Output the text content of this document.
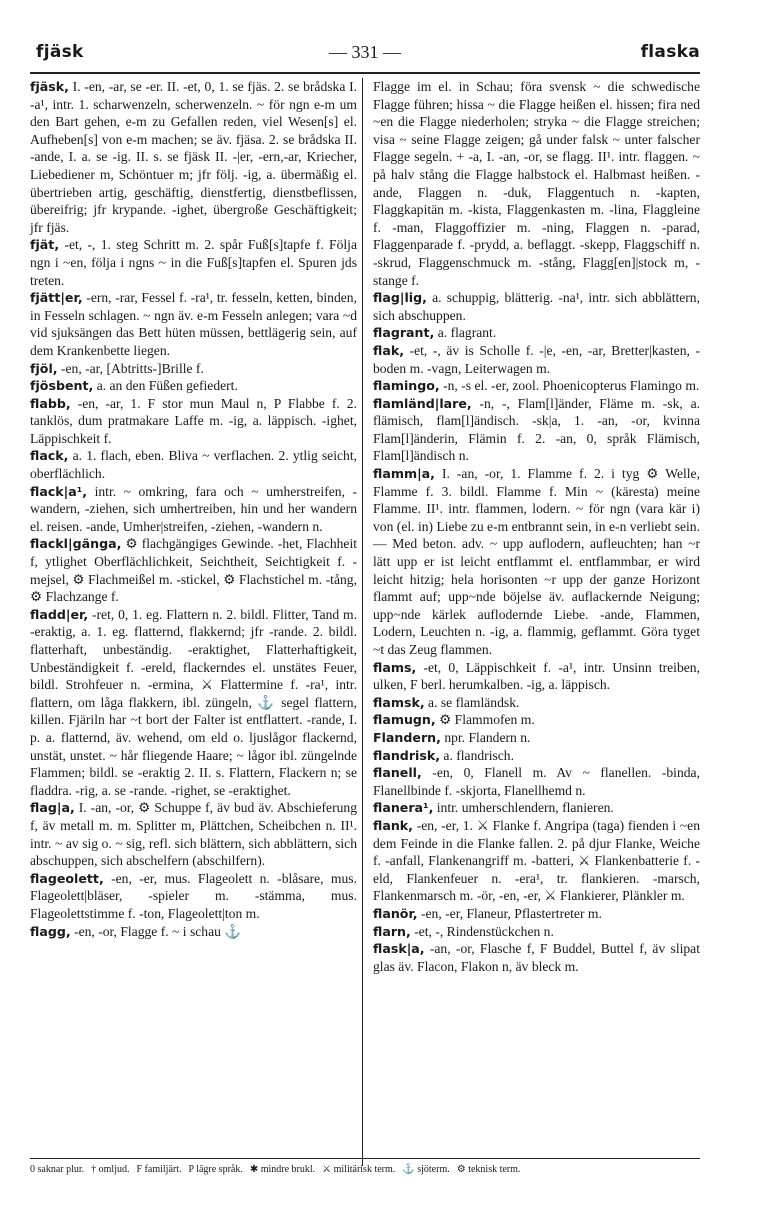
fjäsk	— 331 —	flaska

fjäsk, I. -en, -ar, se -er. II. -et, 0, 1. se fjäs. 2. se brådska I. -a¹, intr. 1. scharwenzeln, scherwenzeln. ~ för ngn e-m um den Bart gehen, e-m zu Gefallen reden, viel Wesen[s] el. Aufheben[s] von e-m machen; se äv. fjäsa. 2. se brådska II. -ande, I. a. se -ig. II. s. se fjäsk II. -|er, -ern,-ar, Kriecher, Liebediener m, Schöntuer m; jfr följ. -ig, a. übermäßig el. übertrieben artig, geschäftig, dienstfertig, dienstbeflissen, übereifrig; jfr krypande. -ighet, übergroße Geschäftigkeit; jfr fjäs.

fjät, -et, -, 1. steg Schritt m. 2. spår Fuß[s]tapfe f. Följa ngn i ~en, följa i ngns ~ in die Fuß[s]tapfen el. Spuren jds treten.

fjätt|er, -ern, -rar, Fessel f. -ra¹, tr. fesseln, ketten, binden, in Fesseln schlagen. ~ ngn äv. e-m Fesseln anlegen; vara ~d vid sjuksängen das Bett hüten müssen, bettlägerig sein, auf dem Krankenbette liegen.

fjöl, -en, -ar, [Abtritts-]Brille f.

fjösbent, a. an den Füßen gefiedert.

flabb, -en, -ar, 1. F stor mun Maul n, P Flabbe f. 2. tanklös, dum pratmakare Laffe m. -ig, a. läppisch. -ighet, Läppischkeit f.

flack, a. 1. flach, eben. Bliva ~ verflachen. 2. ytlig seicht, oberflächlich.

flack|a¹, intr. ~ omkring, fara och ~ umherstreifen, -wandern, -ziehen, sich umhertreiben, hin und her wandern el. reisen. -ande, Umher|streifen, -ziehen, -wandern n.

flackl|gänga, ⚙ flachgängiges Gewinde. -het, Flachheit f, ytlighet Oberflächlichkeit, Seichtheit, Seichtigkeit f. -mejsel, ⚙ Flachmeißel m. -stickel, ⚙ Flachstichel m. -tång, ⚙ Flachzange f.

fladd|er, -ret, 0, 1. eg. Flattern n. 2. bildl. Flitter, Tand m. -eraktig, a. 1. eg. flatternd, flakkernd; jfr -rande. 2. bildl. flatterhaft, unbeständig. -eraktighet, Flatterhaftigkeit, Unbeständigkeit f. -ereld, flackerndes el. unstätes Feuer, bildl. Strohfeuer n. -ermina, ⚔ Flattermine f. -ra¹, intr. flattern, om låga flakkern, ibl. züngeln, ⚓ segel flattern, killen. Fjäriln har ~t bort der Falter ist entflattert. -rande, I. p. a. flatternd, äv. wehend, om eld o. ljuslågor flackernd, unstät, unstet. ~ hår fliegende Haare; ~ lågor ibl. züngelnde Flammen; bildl. se -eraktig 2. II. s. Flattern, Flackern n; se fladdra. -rig, a. se -rande. -righet, se -eraktighet.

flag|a, I. -an, -or, ⚙ Schuppe f, äv bud äv. Abschieferung f, äv metall m. m. Splitter m, Plättchen, Scheibchen n. II¹. intr. ~ av sig o. ~ sig, refl. sich blättern, sich abblättern, sich abschuppen, sich abschelfern (abschilfern).

flageolett, -en, -er, mus. Flageolett n. -blåsare, mus. Flageolett|bläser, -spieler m. -stämma, mus. Flageolettstimme f. -ton, Flageolett|ton m.

flagg, -en, -or, Flagge f. ~ i schau ⚓

Flagge im el. in Schau; föra svensk ~ die schwedische Flagge führen; hissa ~ die Flagge heißen el. hissen; fira ned ~en die Flagge niederholen; stryka ~ die Flagge streichen; visa ~ seine Flagge zeigen; gå under falsk ~ unter falscher Flagge segeln. + -a, I. -an, -or, se flagg. II¹. intr. flaggen. ~ på halv stång die Flagge halbstock el. Halbmast heißen. -ande, Flaggen n. -duk, Flaggentuch n. -kapten, Flaggkapitän m. -kista, Flaggenkasten m. -lina, Flaggleine f. -man, Flaggoffizier m. -ning, Flaggen n. -parad, Flaggenparade f. -prydd, a. beflaggt. -skepp, Flaggschiff n. -skrud, Flaggenschmuck m. -stång, Flagg[en]|stock m, -stange f.

flag|lig, a. schuppig, blätterig. -na¹, intr. sich abblättern, sich abschuppen.

flagrant, a. flagrant.

flak, -et, -, äv is Scholle f. -|e, -en, -ar, Bretter|kasten, -boden m. -vagn, Leiterwagen m.

flamingo, -n, -s el. -er, zool. Phoenicopterus Flamingo m.

flamländ|lare, -n, -, Flam[l]änder, Fläme m. -sk, a. flämisch, flam[l]ändisch. -sk|a, 1. -an, -or, kvinna Flam[l]änderin, Flämin f. 2. -an, 0, språk Flämisch, Flam[l]ändisch n.

flamm|a, I. -an, -or, 1. Flamme f. 2. i tyg ⚙ Welle, Flamme f. 3. bildl. Flamme f. Min ~ (käresta) meine Flamme. II¹. intr. flammen, lodern. ~ för ngn (vara kär i) von (el. in) Liebe zu e-m entbrannt sein, in e-n verliebt sein. — Med beton. adv. ~ upp auflodern, aufleuchten; han ~r lätt upp er ist leicht entflammt el. entflammbar, er wird leicht hitzig; hela horisonten ~r upp der ganze Horizont flammt auf; upp~nde böjelse äv. auflackernde Neigung; upp~nde kärlek auflodernde Liebe. -ande, Flammen, Lodern, Leuchten n. -ig, a. flammig, geflammt. Göra tyget ~t das Zeug flammen.

flams, -et, 0, Läppischkeit f. -a¹, intr. Unsinn treiben, ulken, F berl. herumkalben. -ig, a. läppisch.

flamsk, a. se flamländsk.

flamugn, ⚙ Flammofen m.

Flandern, npr. Flandern n.

flandrisk, a. flandrisch.

flanell, -en, 0, Flanell m. Av ~ flanellen. -binda, Flanellbinde f. -skjorta, Flanellhemd n.

flanera¹, intr. umherschlendern, flanieren.

flank, -en, -er, 1. ⚔ Flanke f. Angripa (taga) fienden i ~en dem Feinde in die Flanke fallen. 2. på djur Flanke, Weiche f. -anfall, Flankenangriff m. -batteri, ⚔ Flankenbatterie f. -eld, Flankenfeuer n. -era¹, tr. flankieren. -marsch, Flankenmarsch m. -ör, -en, -er, ⚔ Flankierer, Plänkler m.

flanör, -en, -er, Flaneur, Pflastertreter m.

flarn, -et, -, Rindenstückchen n.

flask|a, -an, -or, Flasche f, F Buddel, Buttel f, äv slipat glas äv. Flacon, Flakon n, äv bleck m.

0 saknar plur. † omljud. F familjärt. P lägre språk. ✱ mindre brukl. ⚔ militärisk term. ⚓ sjöterm. ⚙ teknisk term.
